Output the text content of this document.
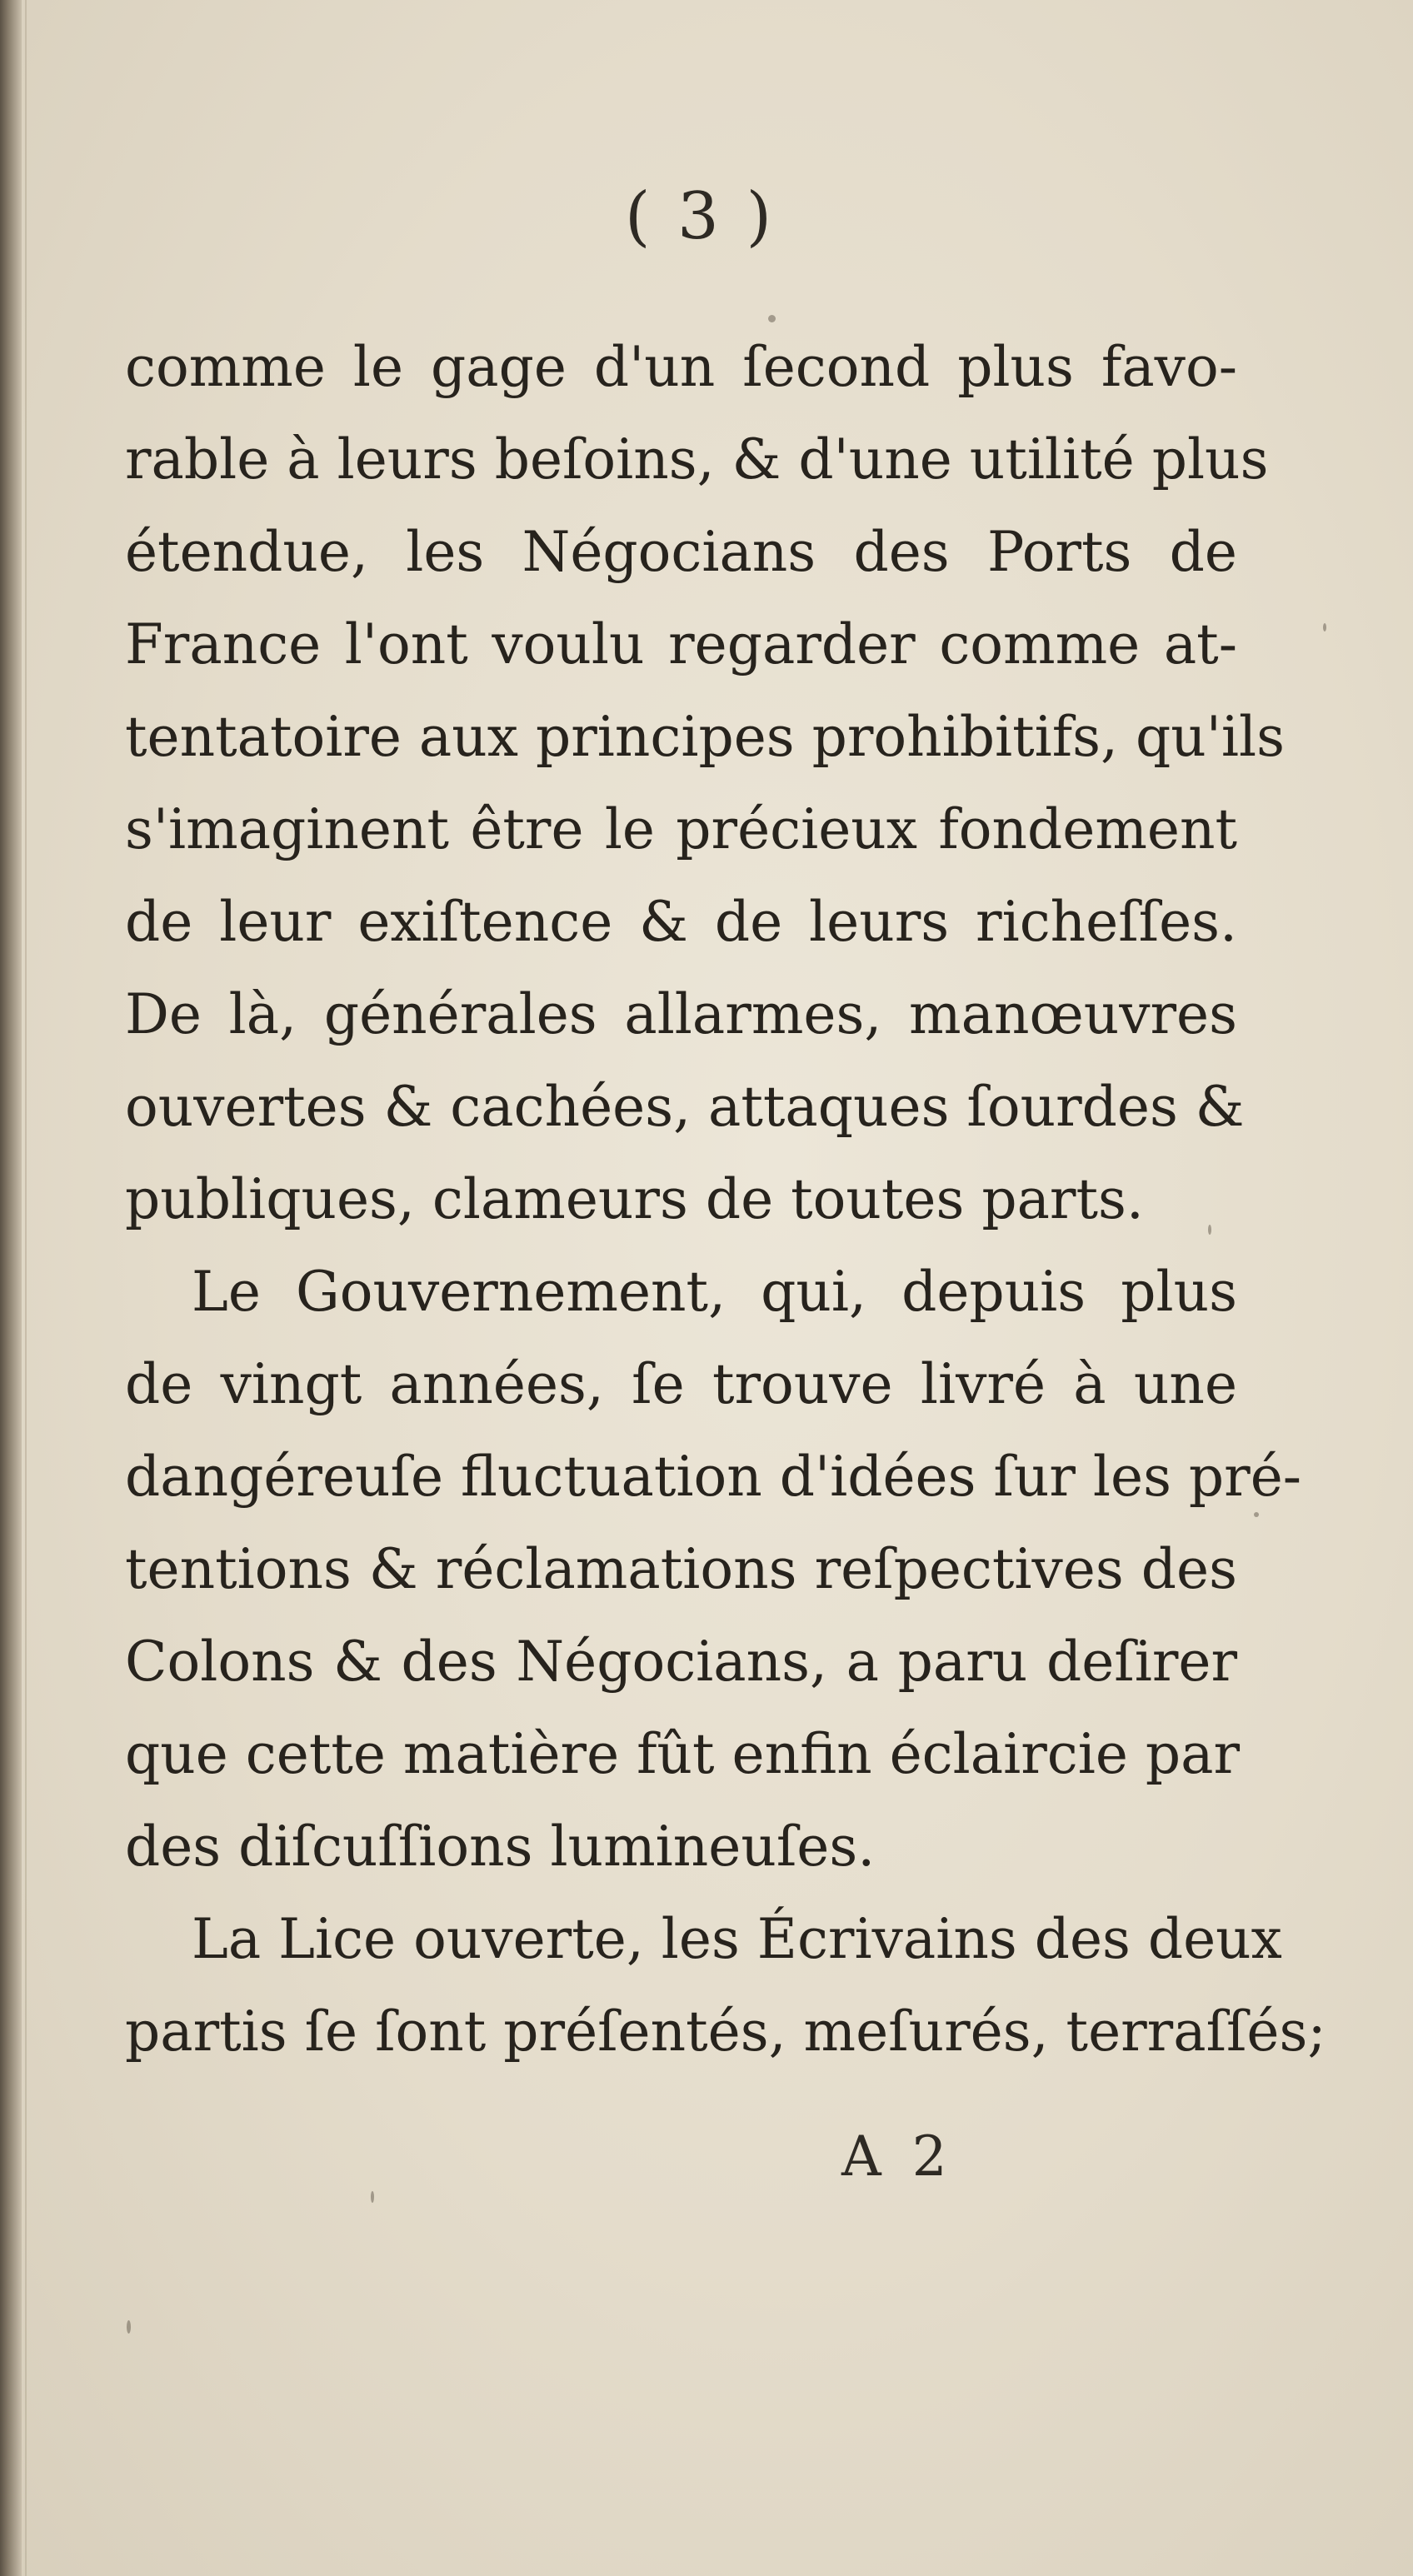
( 3 )
comme le gage d'un ſecond plus favo-
rable à leurs beſoins, & d'une utilité plus
étendue, les Négocians des Ports de
France l'ont voulu regarder comme at-
tentatoire aux principes prohibitifs, qu'ils
s'imaginent être le précieux fondement
de leur exiſtence & de leurs richeſſes.
De là, générales allarmes, manœuvres
ouvertes & cachées, attaques ſourdes &
publiques, clameurs de toutes parts.
Le Gouvernement, qui, depuis plus
de vingt années, ſe trouve livré à une
dangéreuſe fluctuation d'idées ſur les pré-
tentions & réclamations reſpectives des
Colons & des Négocians, a paru deſirer
que cette matière fût enfin éclaircie par
des diſcuſſions lumineuſes.
La Lice ouverte, les Écrivains des deux
partis ſe ſont préſentés, meſurés, terraſſés;
A 2
